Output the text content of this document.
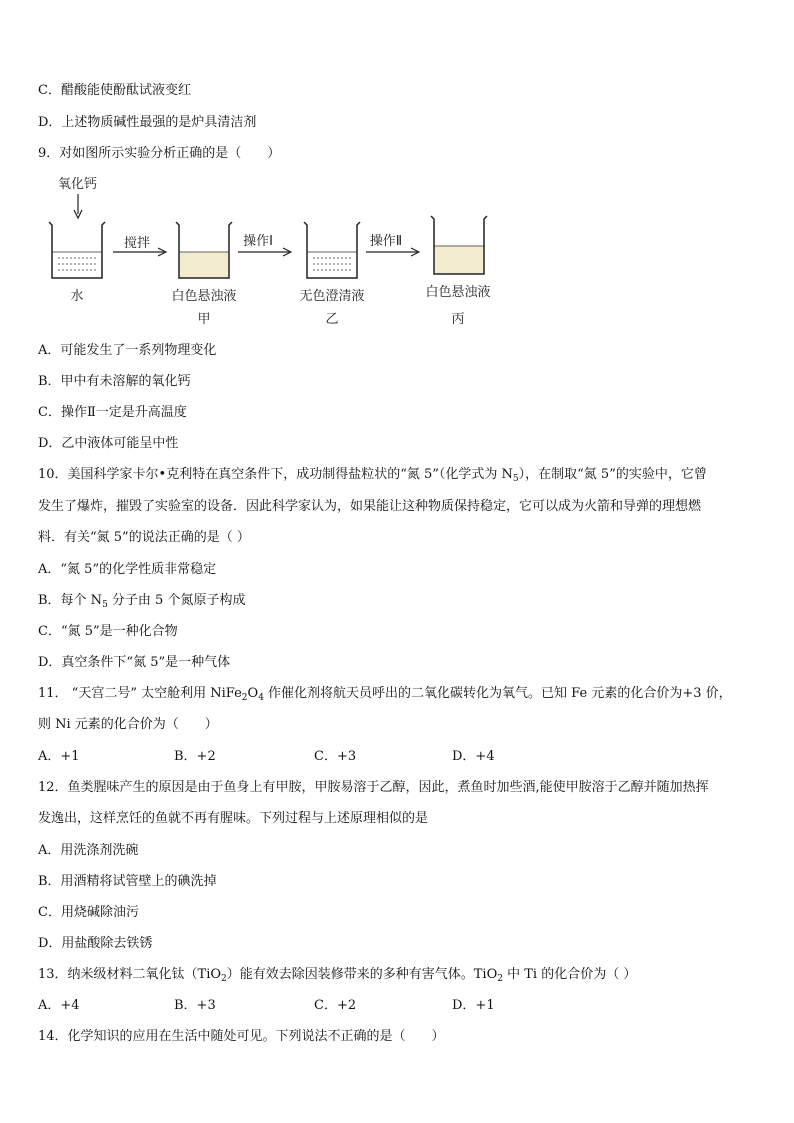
C．醋酸能使酚酞试液变红
D．上述物质碱性最强的是炉具清洁剂
9．对如图所示实验分析正确的是（　　）
氧化钙
水
搅拌
白色悬浊液
甲
操作Ⅰ
无色澄清液
乙
操作Ⅱ
白色悬浊液
丙
A．可能发生了一系列物理变化
B．甲中有未溶解的氧化钙
C．操作Ⅱ一定是升高温度
D．乙中液体可能呈中性
10．美国科学家卡尔•克利特在真空条件下，成功制得盐粒状的“氮 5”（化学式为 $N_5$），在制取“氮 5”的实验中，它曾
发生了爆炸，摧毁了实验室的设备．因此科学家认为，如果能让这种物质保持稳定，它可以成为火箭和导弹的理想燃
料．有关“氮 5”的说法正确的是（ ）
A．“氮 5”的化学性质非常稳定
B．每个 $N_5$ 分子由 5 个氮原子构成
C．“氮 5”是一种化合物
D．真空条件下“氮 5”是一种气体
11． “天宫二号” 太空舱利用 $NiFe_2O_4$ 作催化剂将航天员呼出的二氧化碳转化为氧气。已知 Fe 元素的化合价为+3 价，
则 Ni 元素的化合价为（　　）
A．+1	B．+2	C．+3	D．+4
12．鱼类腥味产生的原因是由于鱼身上有甲胺，甲胺易溶于乙醇，因此，煮鱼时加些酒,能使甲胺溶于乙醇并随加热挥
发逸出，这样烹饪的鱼就不再有腥味。下列过程与上述原理相似的是
A．用洗涤剂洗碗
B．用酒精将试管壁上的碘洗掉
C．用烧碱除油污
D．用盐酸除去铁锈
13．纳米级材料二氧化钛（TiO$_2$）能有效去除因装修带来的多种有害气体。TiO$_2$ 中 Ti 的化合价为（ ）
A．+4	B．+3	C．+2	D．+1
14．化学知识的应用在生活中随处可见。下列说法不正确的是（　　）
